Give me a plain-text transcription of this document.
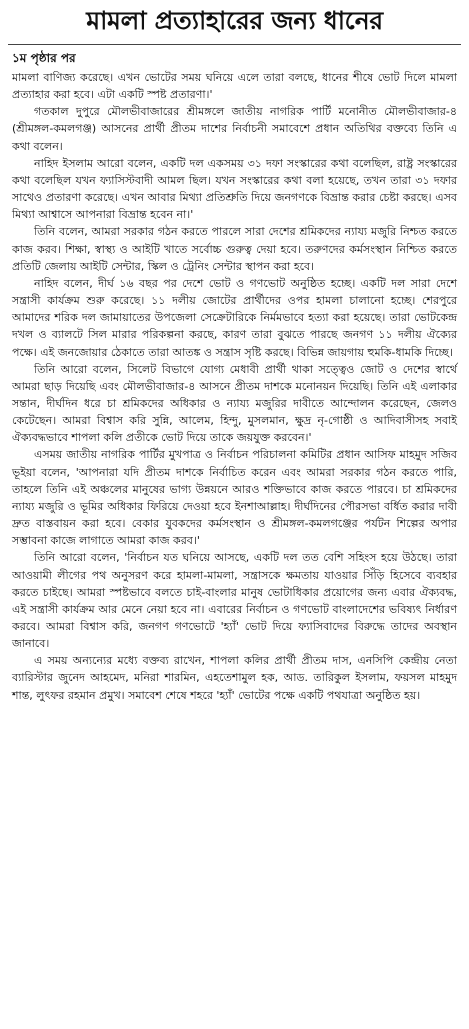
মামলা প্রত্যাহারের জন্য ধানের
১ম পৃষ্ঠার পর

মামলা বাণিজ্য করেছে। এখন ভোটের সময় ঘনিয়ে এলে তারা বলছে, ধানের শীষে ভোট দিলে মামলা প্রত্যাহার করা হবে। এটা একটি স্পষ্ট প্রতারণা।'

গতকাল দুপুরে মৌলভীবাজারের শ্রীমঙ্গলে জাতীয় নাগরিক পার্টি মনোনীত মৌলভীবাজার-৪ (শ্রীমঙ্গল-কমলগঞ্জ) আসনের প্রার্থী প্রীতম দাশের নির্বাচনী সমাবেশে প্রধান অতিথির বক্তব্যে তিনি এ কথা বলেন।

নাহিদ ইসলাম আরো বলেন, একটি দল একসময় ৩১ দফা সংস্কারের কথা বলেছিল, রাষ্ট্র সংস্কারের কথা বলেছিল যখন ফ্যাসিস্টবাদী আমল ছিল। যখন সংস্কারের কথা বলা হয়েছে, তখন তারা ৩১ দফার সাথেও প্রতারণা করেছে। এখন আবার মিথ্যা প্রতিশ্রুতি দিয়ে জনগণকে বিভ্রান্ত করার চেষ্টা করছে। এসব মিথ্যা আশ্বাসে আপনারা বিভ্রান্ত হবেন না।'

তিনি বলেন, আমরা সরকার গঠন করতে পারলে সারা দেশের শ্রমিকদের ন্যায্য মজুরি নিশ্চত করতে কাজ করব। শিক্ষা, স্বাস্থ্য ও আইটি খাতে সর্বোচ্চ গুরুত্ব দেয়া হবে। তরুণদের কর্মসংস্থান নিশ্চিত করতে প্রতিটি জেলায় আইটি সেন্টার, স্কিল ও ট্রেনিং সেন্টার স্থাপন করা হবে।

নাহিদ বলেন, দীর্ঘ ১৬ বছর পর দেশে ভোট ও গণভোট অনুষ্ঠিত হচ্ছে। একটি দল সারা দেশে সন্ত্রাসী কার্যক্রম শুরু করেছে। ১১ দলীয় জোটের প্রার্থীদের ওপর হামলা চালানো হচ্ছে। শেরপুরে আমাদের শরিক দল জামায়াতের উপজেলা সেক্রেটারিকে নির্মমভাবে হত্যা করা হয়েছে। তারা ভোটকেন্দ্র দখল ও ব্যালটে সিল মারার পরিকল্পনা করছে, কারণ তারা বুঝতে পারছে জনগণ ১১ দলীয় ঐক্যের পক্ষে। এই জনজোয়ার ঠেকাতে তারা আতঙ্ক ও সন্ত্রাস সৃষ্টি করছে। বিভিন্ন জায়গায় হুমকি-ধামকি দিচ্ছে।

তিনি আরো বলেন, সিলেট বিভাগে যোগ্য মেধাবী প্রার্থী থাকা সত্ত্বেও জোট ও দেশের স্বার্থে আমরা ছাড় দিয়েছি এবং মৌলভীবাজার-৪ আসনে প্রীতম দাশকে মনোনয়ন দিয়েছি। তিনি এই এলাকার সন্তান, দীর্ঘদিন ধরে চা শ্রমিকদের অধিকার ও ন্যায্য মজুরির দাবীতে আন্দোলন করেছেন, জেলও কেটেছেন। আমরা বিশ্বাস করি সুন্নি, আলেম, হিন্দু, মুসলমান, ক্ষুদ্র নৃ-গোষ্ঠী ও আদিবাসীসহ সবাই ঐক্যবদ্ধভাবে শাপলা কলি প্রতীকে ভোট দিয়ে তাকে জয়যুক্ত করবেন।'

এসময় জাতীয় নাগরিক পার্টির মুখপাত্র ও নির্বাচন পরিচালনা কমিটির প্রধান আসিফ মাহমুদ সজিব ভূইয়া বলেন, 'আপনারা যদি প্রীতম দাশকে নির্বাচিত করেন এবং আমরা সরকার গঠন করতে পারি, তাহলে তিনি এই অঞ্চলের মানুষের ভাগ্য উন্নয়নে আরও শক্তিভাবে কাজ করতে পারবে। চা শ্রমিকদের ন্যায্য মজুরি ও ভূমির অধিকার ফিরিয়ে দেওয়া হবে ইনশাআল্লাহ। দীর্ঘদিনের পৌরসভা বর্ধিত করার দাবী দ্রুত বাস্তবায়ন করা হবে। বেকার যুবকদের কর্মসংস্থান ও শ্রীমঙ্গল-কমলগঞ্জের পর্যটন শিল্পের অপার সম্ভাবনা কাজে লাগাতে আমরা কাজ করব।'

তিনি আরো বলেন, 'নির্বাচন যত ঘনিয়ে আসছে, একটি দল তত বেশি সহিংস হয়ে উঠছে। তারা আওয়ামী লীগের পথ অনুসরণ করে হামলা-মামলা, সন্ত্রাসকে ক্ষমতায় যাওয়ার সিঁড়ি হিসেবে ব্যবহার করতে চাইছে। আমরা স্পষ্টভাবে বলতে চাই-বাংলার মানুষ ভোটাধিকার প্রয়োগের জন্য এবার ঐক্যবদ্ধ, এই সন্ত্রাসী কার্যক্রম আর মেনে নেয়া হবে না। এবারের নির্বাচন ও গণভোট বাংলাদেশের ভবিষ্যৎ নির্ধারণ করবে। আমরা বিশ্বাস করি, জনগণ গণভোটে 'হ্যাঁ' ভোট দিয়ে ফ্যাসিবাদের বিরুদ্ধে তাদের অবস্থান জানাবে।

এ সময় অন্যন্যের মধ্যে বক্তব্য রাখেন, শাপলা কলির প্রার্থী প্রীতম দাস, এনসিপি কেন্দ্রীয় নেতা ব্যারিস্টার জুনেদ আহমেদ, মনিরা শারমিন, এহতেশামুল হক, আড. তারিকুল ইসলাম, ফয়সল মাহমুদ শান্ত, লুৎফর রহমান প্রমুখ। সমাবেশ শেষে শহরে 'হ্যাঁ' ভোটের পক্ষে একটি পথযাত্রা অনুষ্ঠিত হয়।
